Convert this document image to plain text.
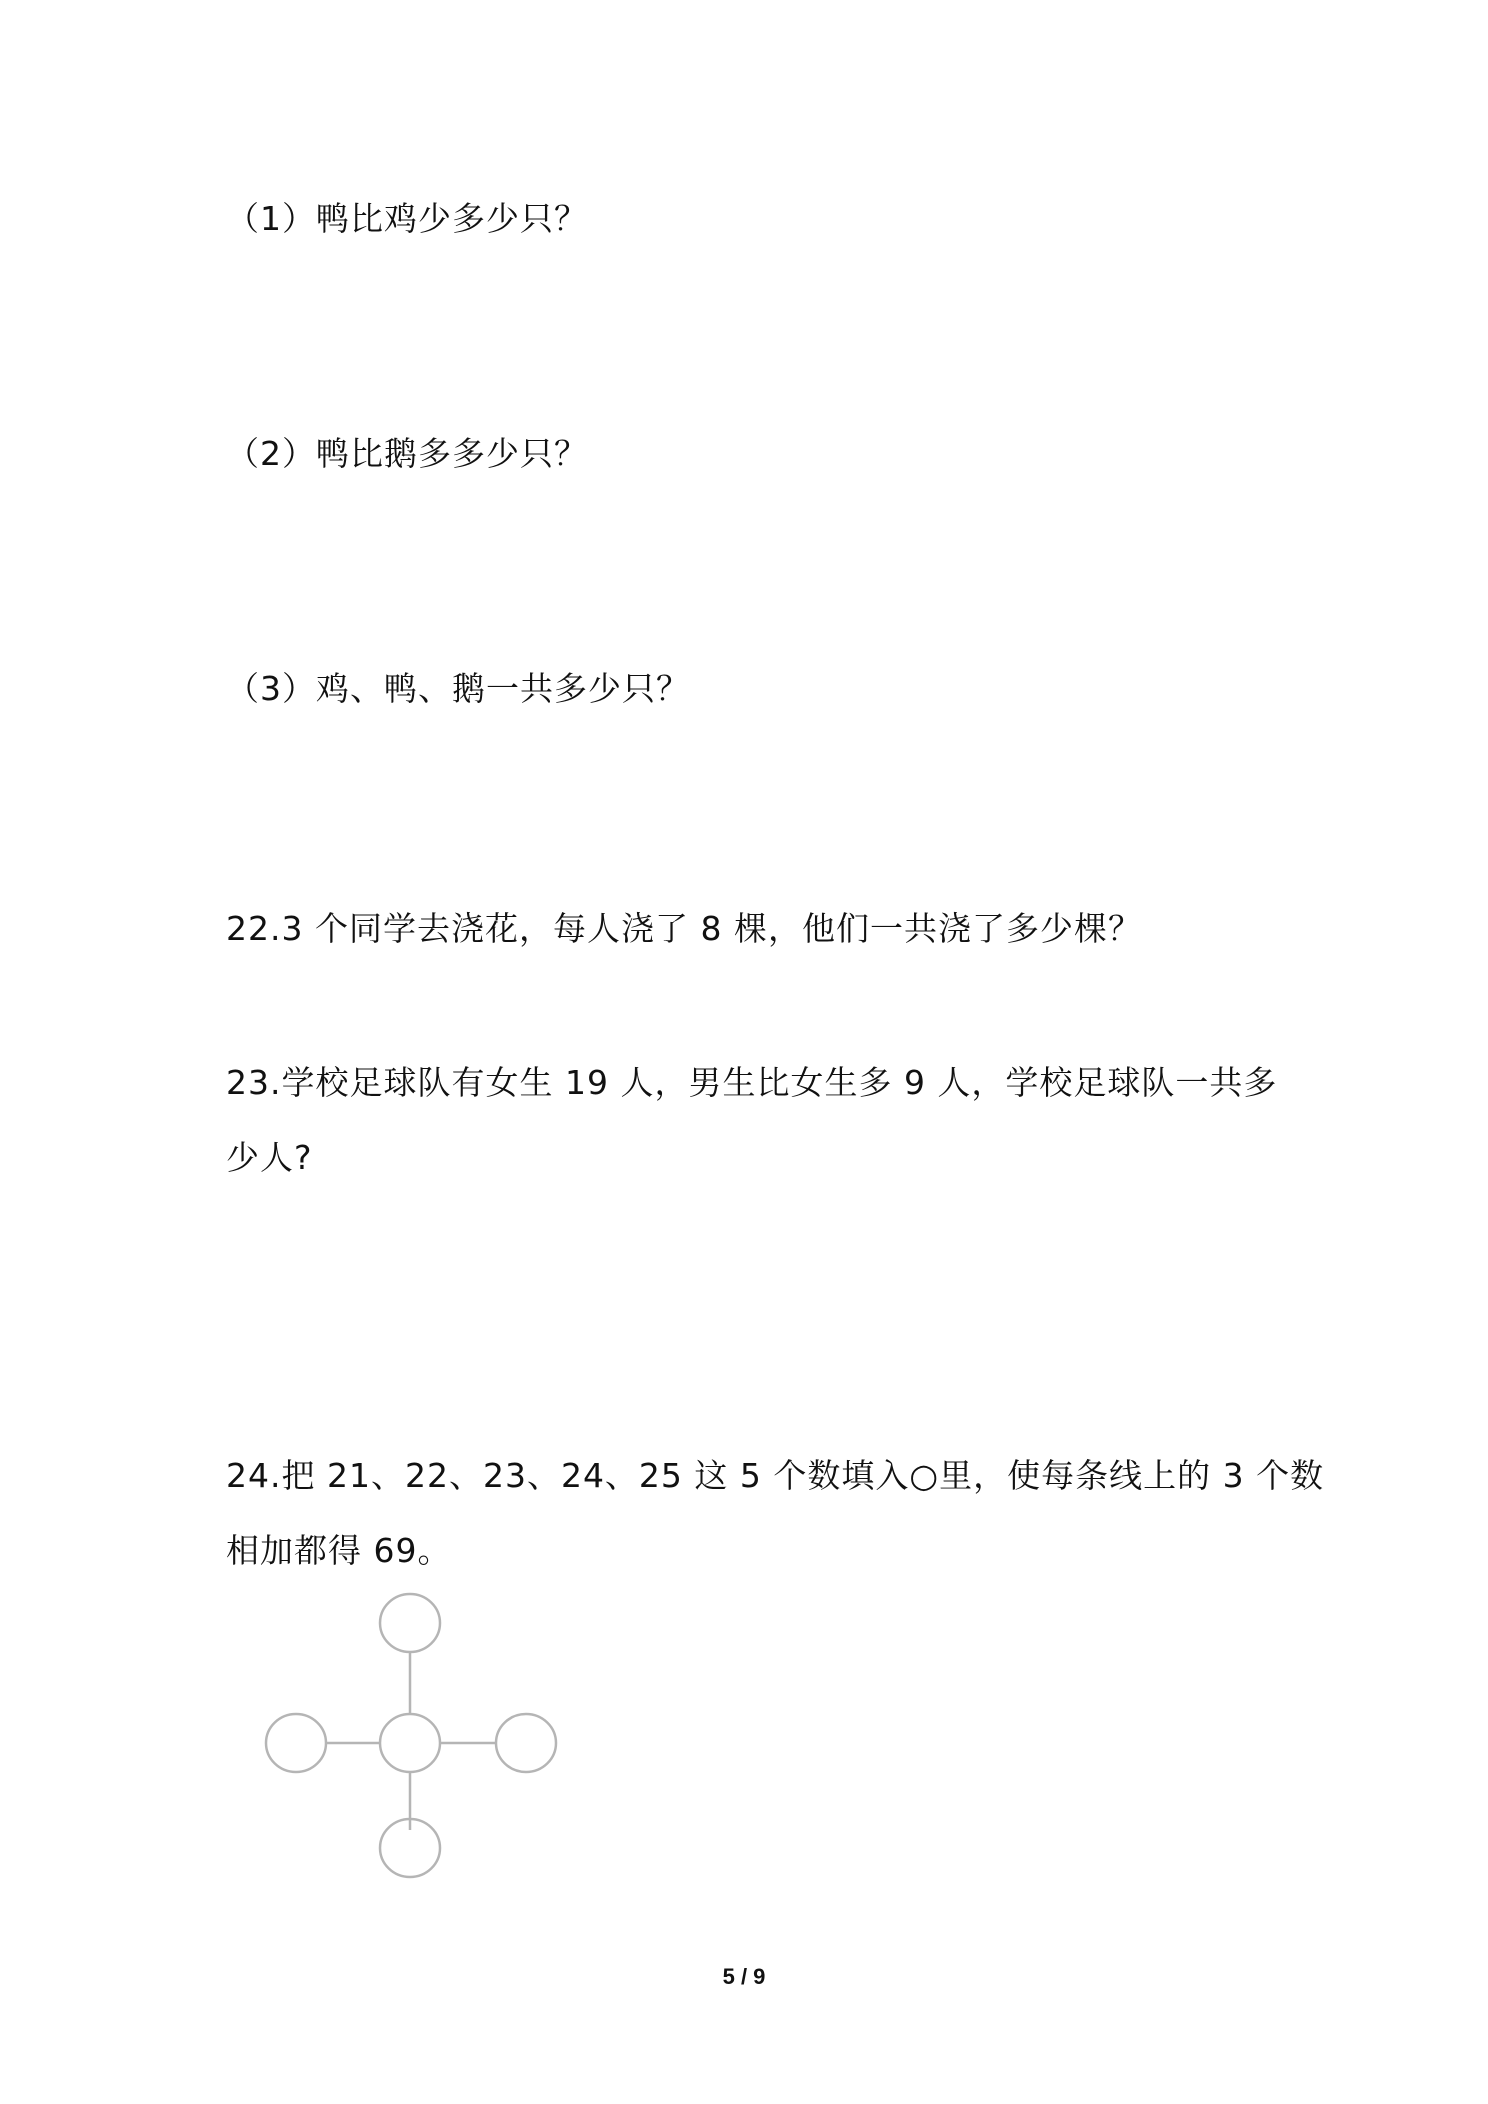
（1）鸭比鸡少多少只？
（2）鸭比鹅多多少只？
（3）鸡、鸭、鹅一共多少只？
22.3 个同学去浇花，每人浇了 8 棵，他们一共浇了多少棵？
23.学校足球队有女生 19 人，男生比女生多 9 人，学校足球队一共多
少人?
24.把 21、22、23、24、25 这 5 个数填入○里，使每条线上的 3 个数
相加都得 69。
5 / 9
